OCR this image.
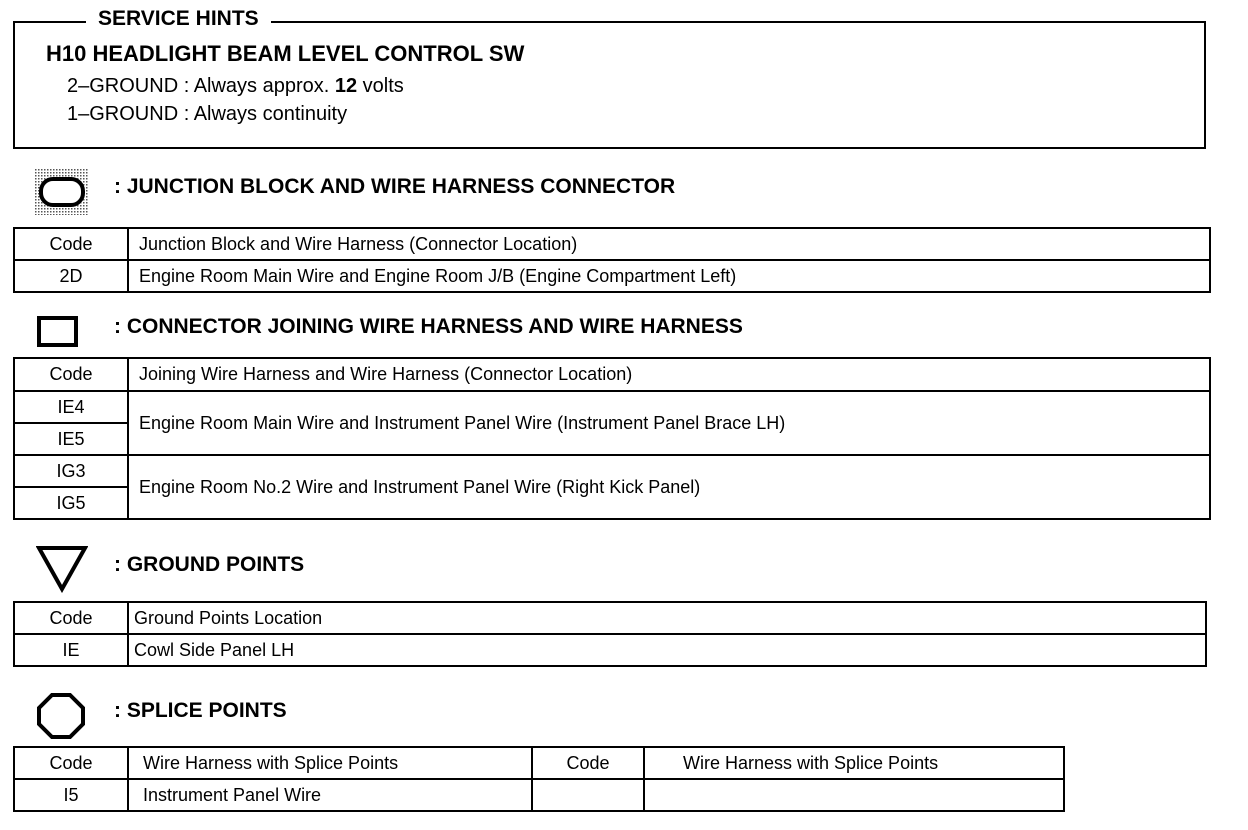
SERVICE HINTS
H10 HEADLIGHT BEAM LEVEL CONTROL SW
2–GROUND : Always approx. 12 volts
1–GROUND : Always continuity
: JUNCTION BLOCK AND WIRE HARNESS CONNECTOR
Code	Junction Block and Wire Harness (Connector Location)
2D	Engine Room Main Wire and Engine Room J/B (Engine Compartment Left)
: CONNECTOR JOINING WIRE HARNESS AND WIRE HARNESS
Code	Joining Wire Harness and Wire Harness (Connector Location)
IE4	Engine Room Main Wire and Instrument Panel Wire (Instrument Panel Brace LH)
IE5	
IG3	Engine Room No.2 Wire and Instrument Panel Wire (Right Kick Panel)
IG5	
: GROUND POINTS
Code	Ground Points Location
IE	Cowl Side Panel LH
: SPLICE POINTS
Code	Wire Harness with Splice Points	Code	Wire Harness with Splice Points
I5	Instrument Panel Wire		
